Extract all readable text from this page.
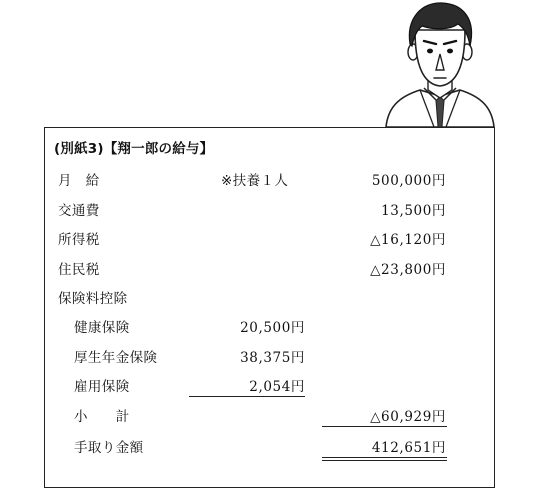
(別紙3)【翔一郎の給与】
月　給	※扶養１人	500,000円
交通費	13,500円
所得税	△16,120円
住民税	△23,800円
保険料控除
健康保険	20,500円
厚生年金保険	38,375円
雇用保険	2,054円
小　　計	△60,929円
手取り金額	412,651円
